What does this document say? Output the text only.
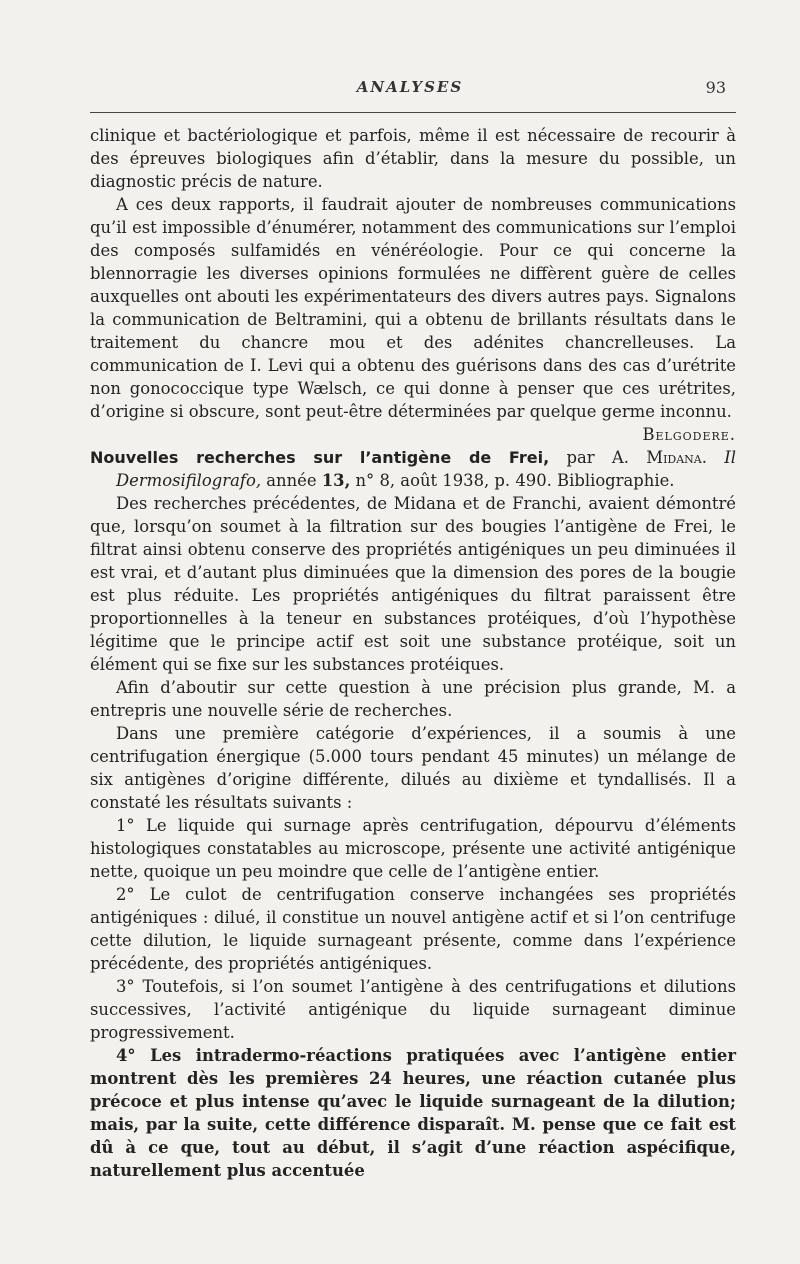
ANALYSES	93

clinique et bactériologique et parfois, même il est nécessaire de recourir à des épreuves biologiques afin d’établir, dans la mesure du possible, un diagnostic précis de nature.

A ces deux rapports, il faudrait ajouter de nombreuses communications qu’il est impossible d’énumérer, notamment des communications sur l’emploi des composés sulfamidés en vénéréologie. Pour ce qui concerne la blennorragie les diverses opinions formulées ne diffèrent guère de celles auxquelles ont abouti les expérimentateurs des divers autres pays. Signalons la communication de Beltramini, qui a obtenu de brillants résultats dans le traitement du chancre mou et des adénites chancrelleuses. La communication de I. Levi qui a obtenu des guérisons dans des cas d’urétrite non gonococcique type Wælsch, ce qui donne à penser que ces urétrites, d’origine si obscure, sont peut-être déterminées par quelque germe inconnu.

Belgodere.

Nouvelles recherches sur l’antigène de Frei, par A. Midana. Il Dermosifilografo, année 13, n° 8, août 1938, p. 490. Bibliographie.

Des recherches précédentes, de Midana et de Franchi, avaient démontré que, lorsqu’on soumet à la filtration sur des bougies l’antigène de Frei, le filtrat ainsi obtenu conserve des propriétés antigéniques un peu diminuées il est vrai, et d’autant plus diminuées que la dimension des pores de la bougie est plus réduite. Les propriétés antigéniques du filtrat paraissent être proportionnelles à la teneur en substances protéiques, d’où l’hypothèse légitime que le principe actif est soit une substance protéique, soit un élément qui se fixe sur les substances protéiques.

Afin d’aboutir sur cette question à une précision plus grande, M. a entrepris une nouvelle série de recherches.

Dans une première catégorie d’expériences, il a soumis à une centrifugation énergique (5.000 tours pendant 45 minutes) un mélange de six antigènes d’origine différente, dilués au dixième et tyndallisés. Il a constaté les résultats suivants :

1° Le liquide qui surnage après centrifugation, dépourvu d’éléments histologiques constatables au microscope, présente une activité antigénique nette, quoique un peu moindre que celle de l’antigène entier.

2° Le culot de centrifugation conserve inchangées ses propriétés antigéniques : dilué, il constitue un nouvel antigène actif et si l’on centrifuge cette dilution, le liquide surnageant présente, comme dans l’expérience précédente, des propriétés antigéniques.

3° Toutefois, si l’on soumet l’antigène à des centrifugations et dilutions successives, l’activité antigénique du liquide surnageant diminue progressivement.

4° Les intradermo-réactions pratiquées avec l’antigène entier montrent dès les premières 24 heures, une réaction cutanée plus précoce et plus intense qu’avec le liquide surnageant de la dilution; mais, par la suite, cette différence disparaît. M. pense que ce fait est dû à ce que, tout au début, il s’agit d’une réaction aspécifique, naturellement plus accentuée
